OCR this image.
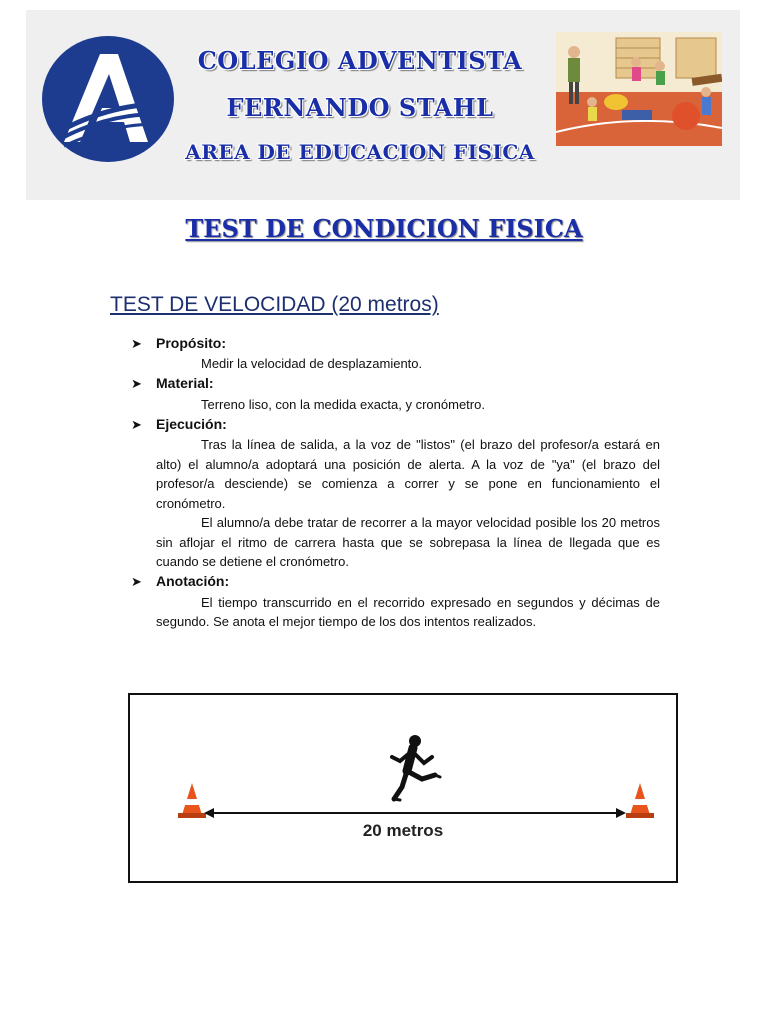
COLEGIO ADVENTISTA
FERNANDO STAHL
AREA DE EDUCACION FISICA
TEST DE CONDICION FISICA
TEST DE VELOCIDAD (20 metros)
➤	Propósito:

Medir la velocidad de desplazamiento.

➤	Material:

Terreno liso, con la medida exacta, y cronómetro.

➤	Ejecución:

Tras la línea de salida, a la voz de "listos" (el brazo del profesor/a estará en alto) el alumno/a adoptará una posición de alerta. A la voz de "ya" (el brazo del profesor/a desciende) se comienza a correr y se pone en funcionamiento el cronómetro.

El alumno/a debe tratar de recorrer a la mayor velocidad posible los 20 metros sin aflojar el ritmo de carrera hasta que se sobrepasa la línea de llegada que es cuando se detiene el cronómetro.

➤	Anotación:

El tiempo transcurrido en el recorrido expresado en segundos y décimas de segundo. Se anota el mejor tiempo de los dos intentos realizados.

20 metros
